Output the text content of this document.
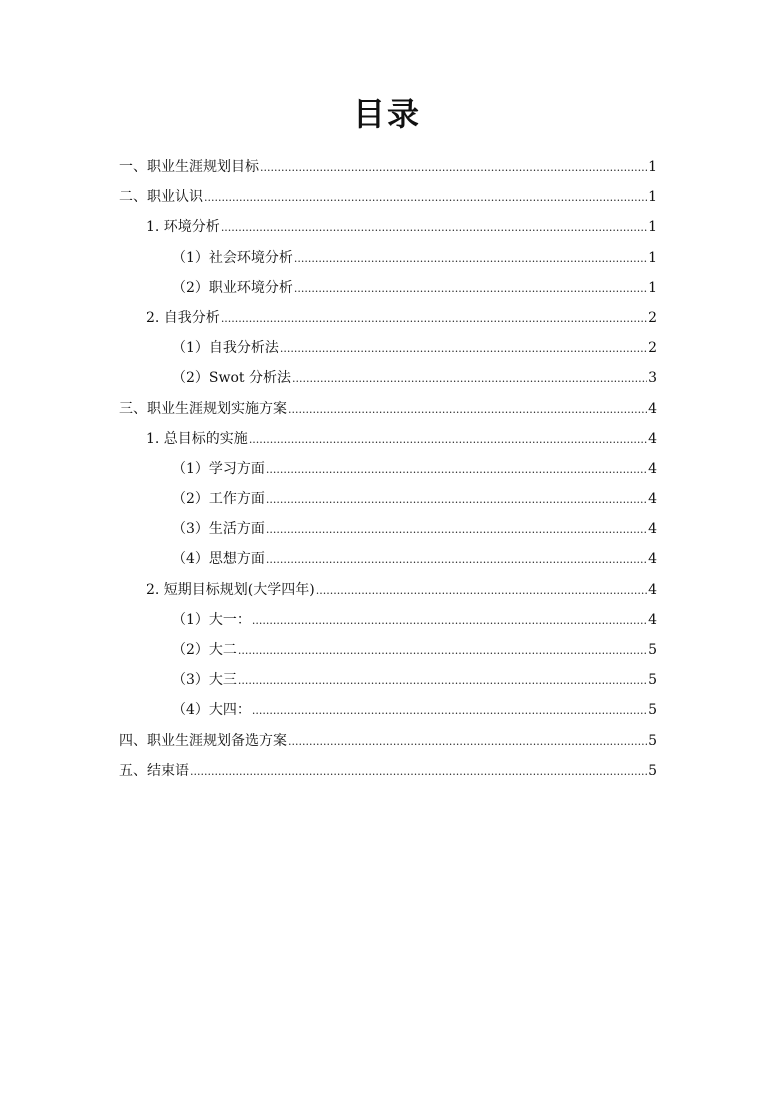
目录
一、职业生涯规划目标 .....	1
二、职业认识 .....	1
1. 环境分析 .....	1
（1）社会环境分析 .....	1
（2）职业环境分析 .....	1
2. 自我分析 .....	2
（1）自我分析法 .....	2
（2）Swot 分析法 .....	3
三、职业生涯规划实施方案 .....	4
1. 总目标的实施 .....	4
（1）学习方面 .....	4
（2）工作方面 .....	4
（3）生活方面 .....	4
（4）思想方面 .....	4
2. 短期目标规划(大学四年) .....	4
（1）大一： .....	4
（2）大二 .....	5
（3）大三 .....	5
（4）大四： .....	5
四、职业生涯规划备选方案 .....	5
五、结束语 .....	5
